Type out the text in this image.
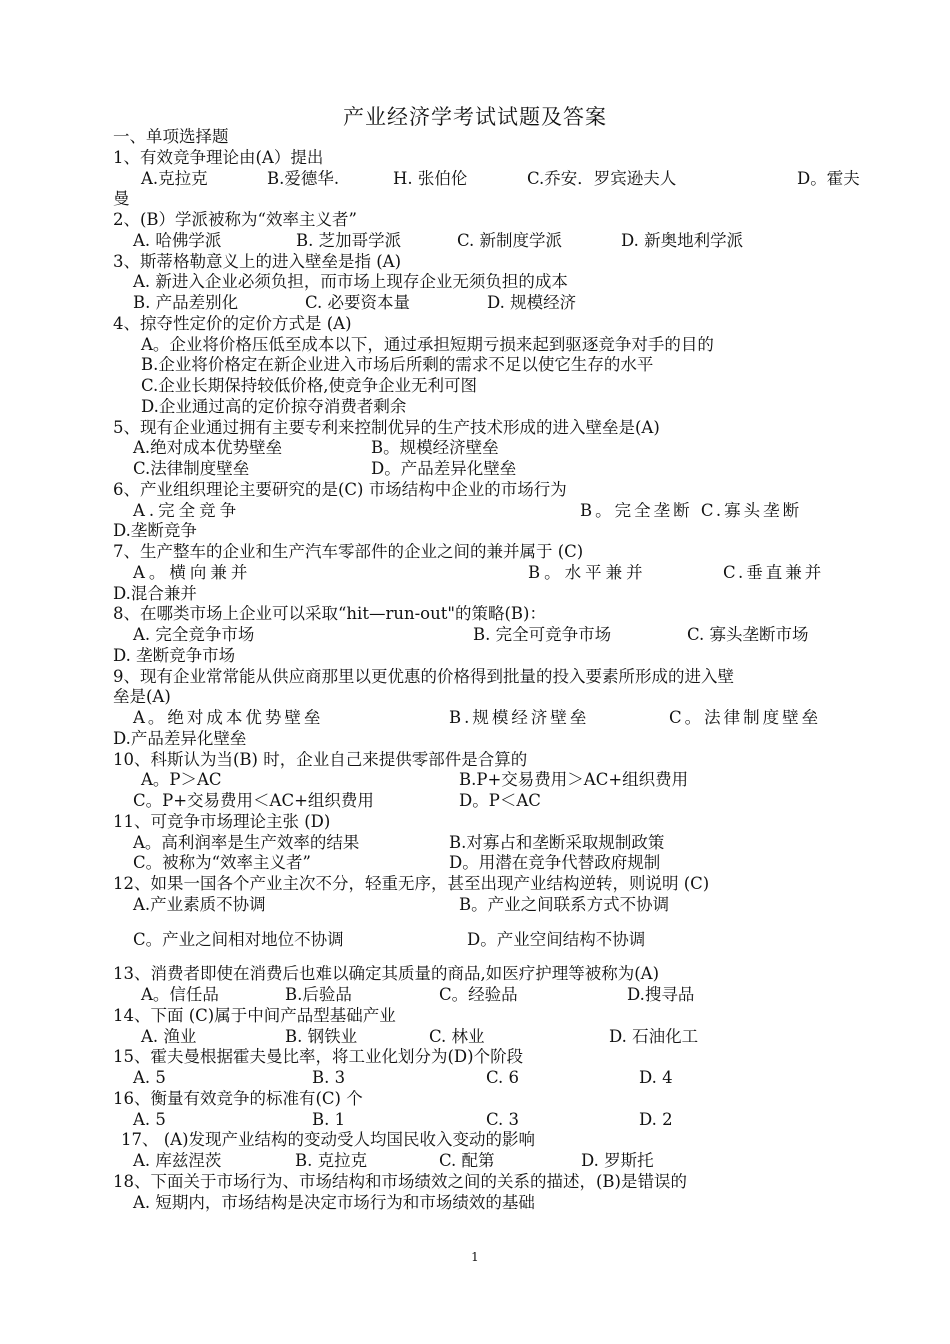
产业经济学考试试题及答案
一、单项选择题
1、有效竞争理论由(A）提出
A.克拉克	B.爱德华.	H. 张伯伦	C.乔安．罗宾逊夫人	D。霍夫
曼
2、(B）学派被称为“效率主义者”
A. 哈佛学派	B. 芝加哥学派	C. 新制度学派	D. 新奥地利学派
3、斯蒂格勒意义上的进入壁垒是指 (A)
A. 新进入企业必须负担，而市场上现存企业无须负担的成本
B. 产品差别化	C. 必要资本量	D. 规模经济
4、掠夺性定价的定价方式是 (A)
A。企业将价格压低至成本以下，通过承担短期亏损来起到驱逐竞争对手的目的
B.企业将价格定在新企业进入市场后所剩的需求不足以使它生存的水平
C.企业长期保持较低价格,使竞争企业无利可图
D.企业通过高的定价掠夺消费者剩余
5、现有企业通过拥有主要专利来控制优异的生产技术形成的进入壁垒是(A)
A.绝对成本优势壁垒	B。规模经济壁垒
C.法律制度壁垒	D。产品差异化壁垒
6、产业组织理论主要研究的是(C) 市场结构中企业的市场行为
A.完全竞争	B。完全垄断 C.寡头垄断
D.垄断竞争
7、生产整车的企业和生产汽车零部件的企业之间的兼并属于 (C)
A。横向兼并	B。水平兼并	C.垂直兼并
D.混合兼并
8、在哪类市场上企业可以采取“hit—run-out"的策略(B)：
A. 完全竞争市场	B. 完全可竞争市场	C. 寡头垄断市场
D. 垄断竞争市场
9、现有企业常常能从供应商那里以更优惠的价格得到批量的投入要素所形成的进入壁
垒是(A)
A。绝对成本优势壁垒	B.规模经济壁垒	C。法律制度壁垒
D.产品差异化壁垒
10、科斯认为当(B) 时，企业自己来提供零部件是合算的
A。P＞AC	B.P+交易费用＞AC+组织费用
C。P+交易费用＜AC+组织费用	D。P＜AC
11、可竞争市场理论主张 (D)
A。高利润率是生产效率的结果	B.对寡占和垄断采取规制政策
C。被称为“效率主义者”	D。用潜在竞争代替政府规制
12、如果一国各个产业主次不分，轻重无序，甚至出现产业结构逆转，则说明 (C)
A.产业素质不协调	B。产业之间联系方式不协调
C。产业之间相对地位不协调	D。产业空间结构不协调
13、消费者即使在消费后也难以确定其质量的商品,如医疗护理等被称为(A)
A。信任品	B.后验品	C。经验品	D.搜寻品
14、下面 (C)属于中间产品型基础产业
A. 渔业	B. 钢铁业	C. 林业	D. 石油化工
15、霍夫曼根据霍夫曼比率，将工业化划分为(D)个阶段
A. 5	B. 3	C. 6	D. 4
16、衡量有效竞争的标准有(C) 个
A. 5	B. 1	C. 3	D. 2
17、 (A)发现产业结构的变动受人均国民收入变动的影响
A. 库兹涅茨	B. 克拉克	C. 配第	D. 罗斯托
18、下面关于市场行为、市场结构和市场绩效之间的关系的描述，(B)是错误的
A. 短期内，市场结构是决定市场行为和市场绩效的基础
1
